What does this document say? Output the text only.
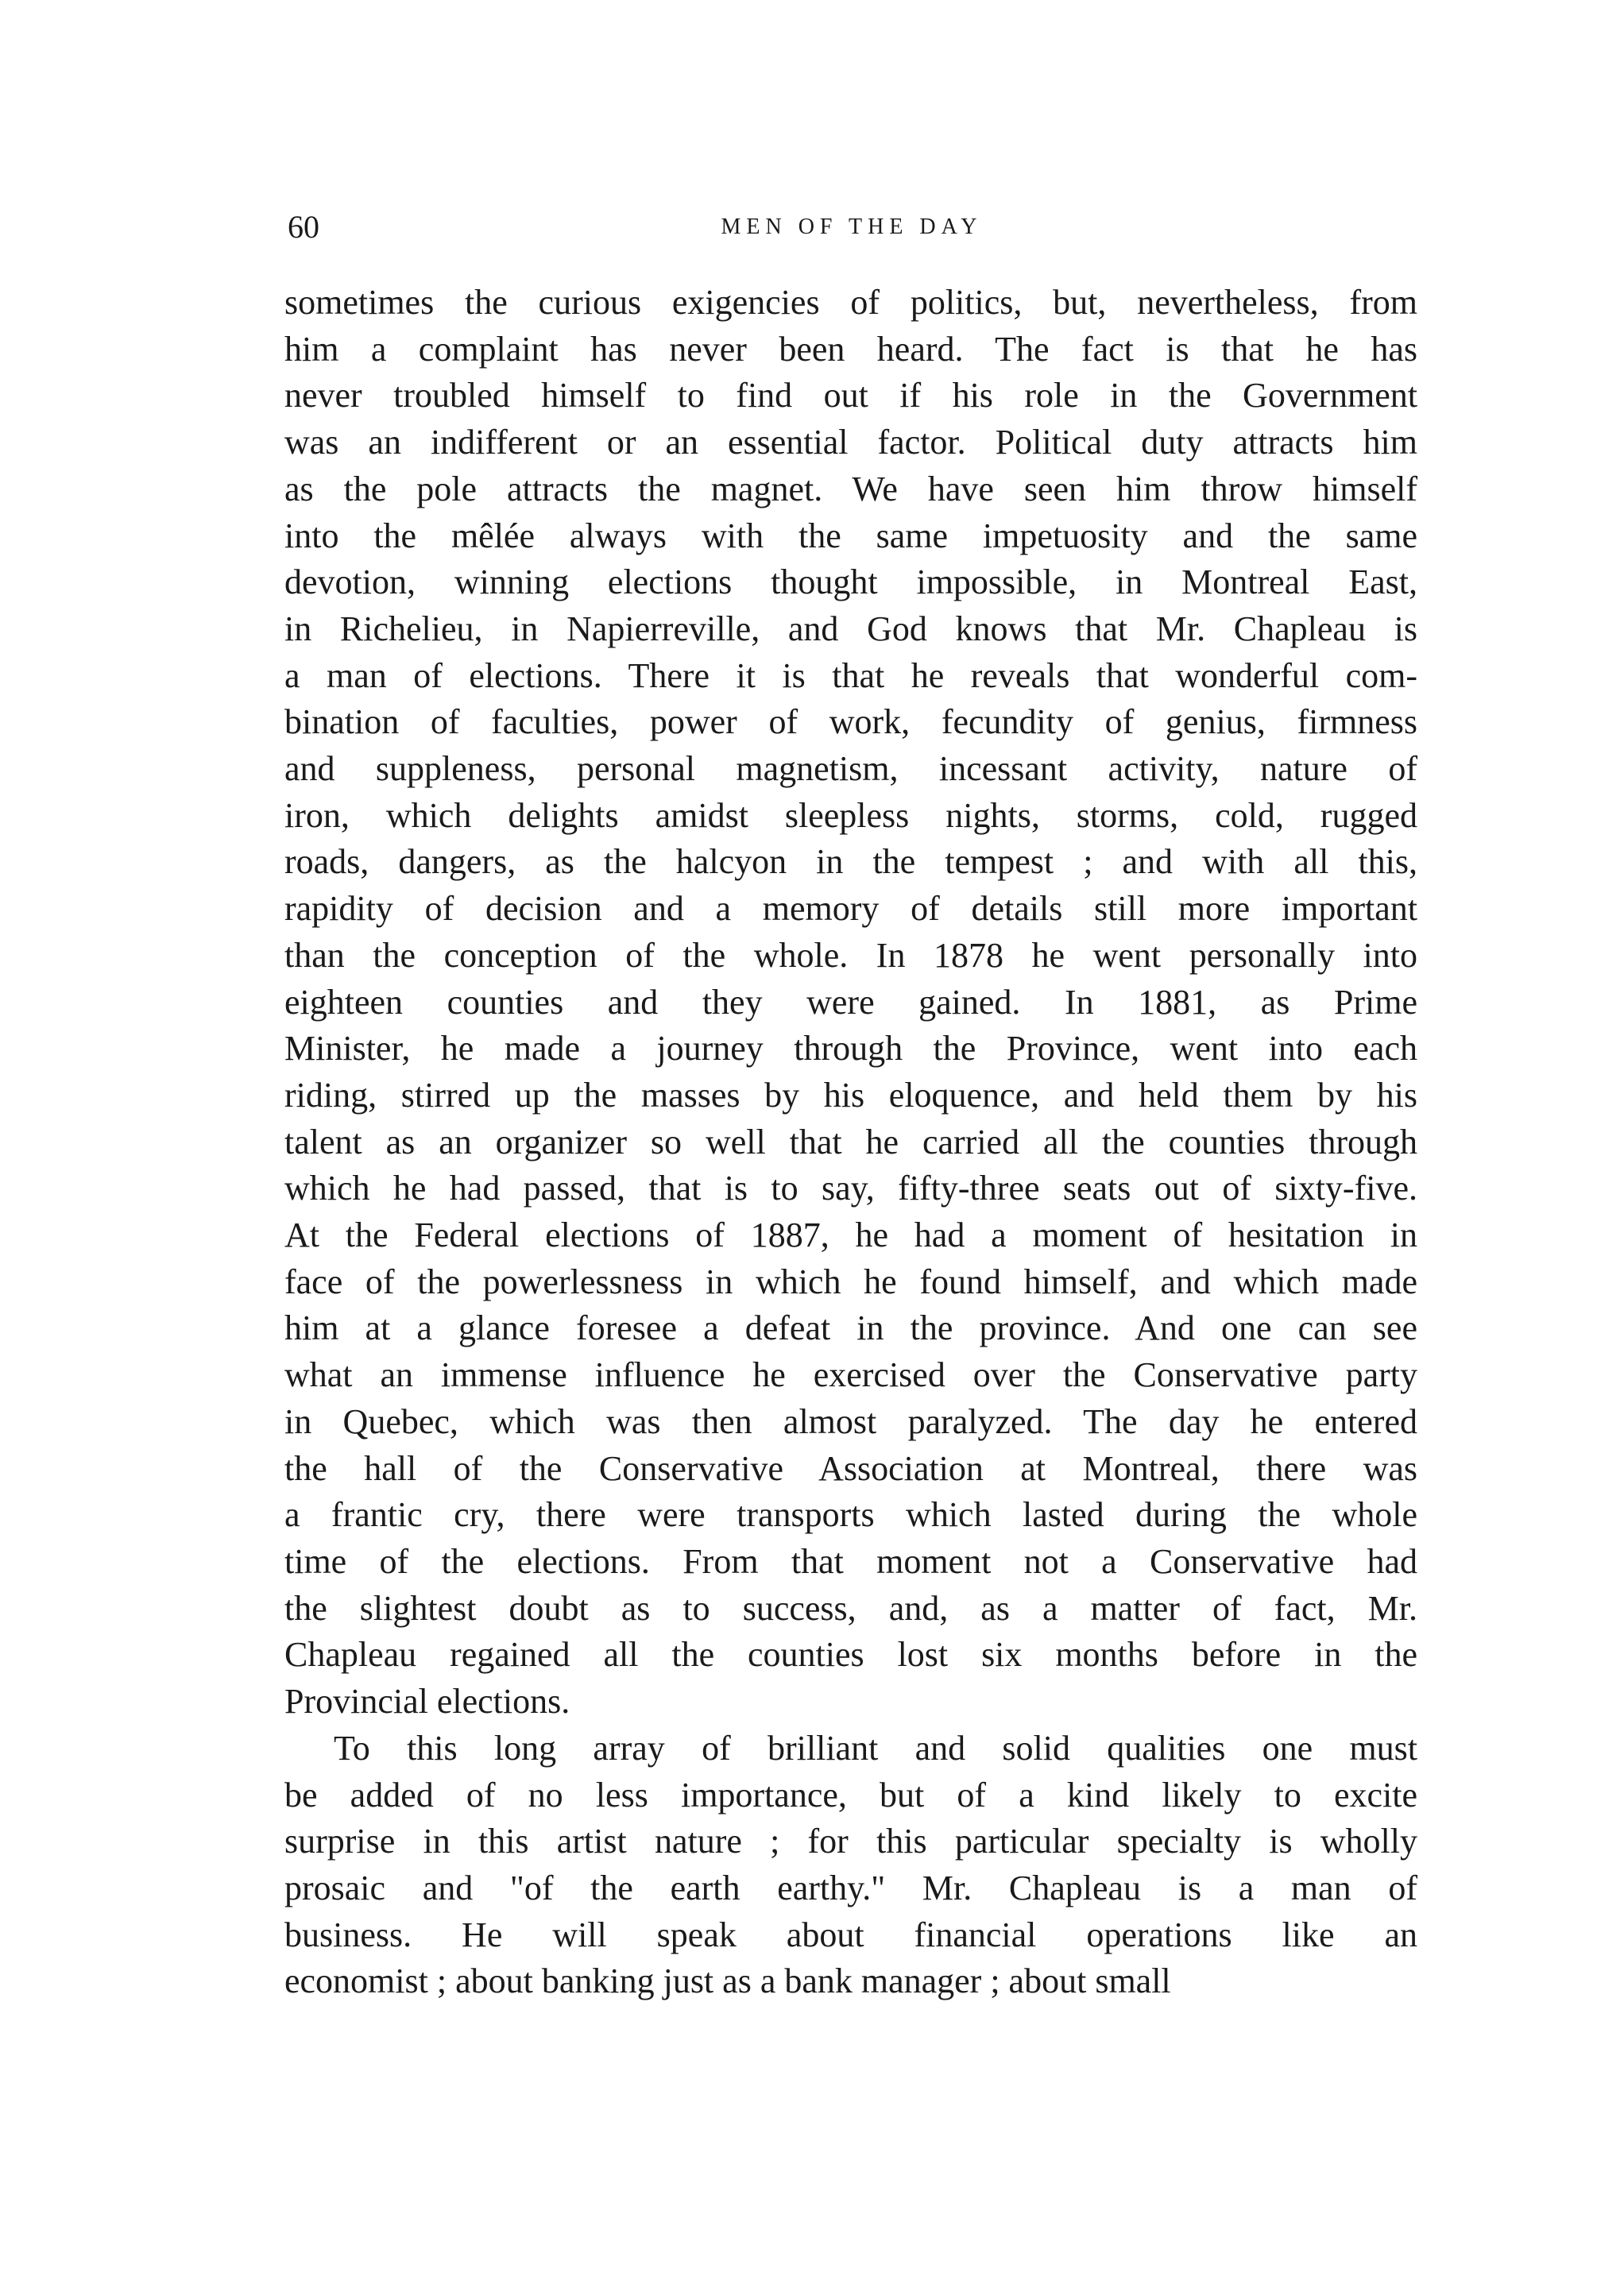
60	MEN OF THE DAY

sometimes the curious exigencies of politics, but, nevertheless, from
him a complaint has never been heard. The fact is that he has
never troubled himself to find out if his role in the Government
was an indifferent or an essential factor. Political duty attracts him
as the pole attracts the magnet. We have seen him throw himself
into the mêlée always with the same impetuosity and the same
devotion, winning elections thought impossible, in Montreal East,
in Richelieu, in Napierreville, and God knows that Mr. Chapleau is
a man of elections. There it is that he reveals that wonderful com-
bination of faculties, power of work, fecundity of genius, firmness
and suppleness, personal magnetism, incessant activity, nature of
iron, which delights amidst sleepless nights, storms, cold, rugged
roads, dangers, as the halcyon in the tempest ; and with all this,
rapidity of decision and a memory of details still more important
than the conception of the whole. In 1878 he went personally into
eighteen counties and they were gained. In 1881, as Prime
Minister, he made a journey through the Province, went into each
riding, stirred up the masses by his eloquence, and held them by his
talent as an organizer so well that he carried all the counties through
which he had passed, that is to say, fifty-three seats out of sixty-five.
At the Federal elections of 1887, he had a moment of hesitation in
face of the powerlessness in which he found himself, and which made
him at a glance foresee a defeat in the province. And one can see
what an immense influence he exercised over the Conservative party
in Quebec, which was then almost paralyzed. The day he entered
the hall of the Conservative Association at Montreal, there was
a frantic cry, there were transports which lasted during the whole
time of the elections. From that moment not a Conservative had
the slightest doubt as to success, and, as a matter of fact, Mr.
Chapleau regained all the counties lost six months before in the
Provincial elections.

To this long array of brilliant and solid qualities one must
be added of no less importance, but of a kind likely to excite
surprise in this artist nature ; for this particular specialty is wholly
prosaic and "of the earth earthy." Mr. Chapleau is a man of
business. He will speak about financial operations like an
economist ; about banking just as a bank manager ; about small
